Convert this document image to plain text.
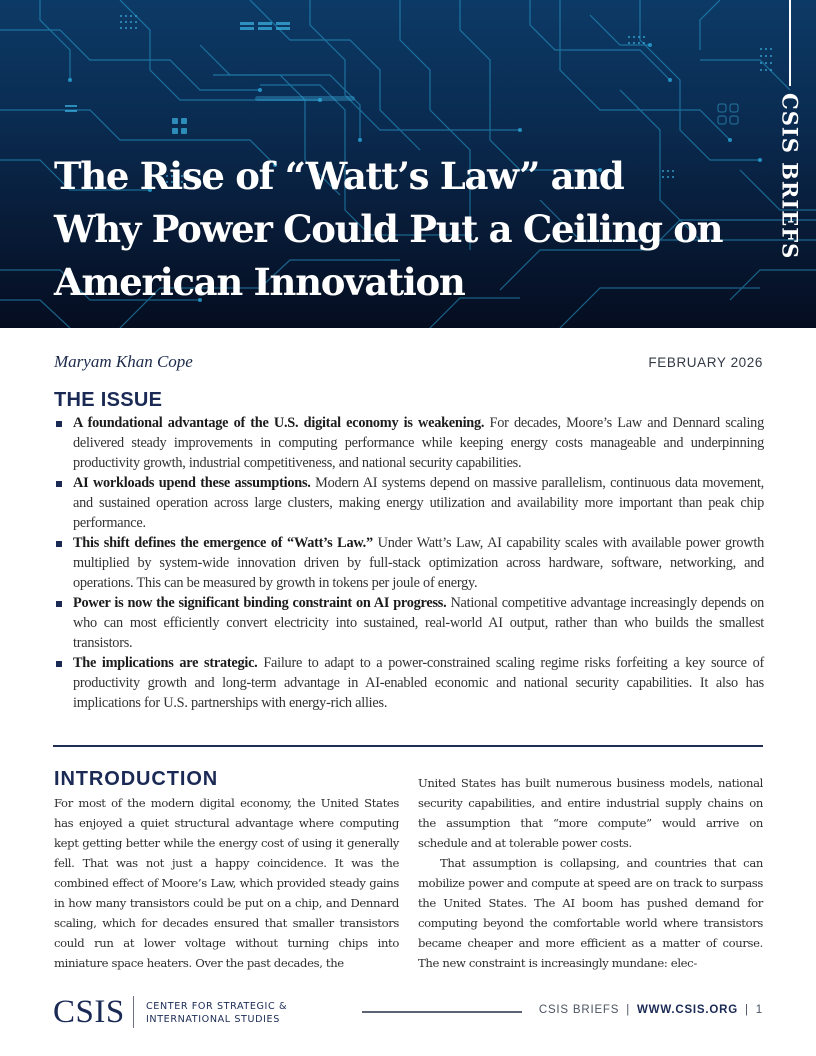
The Rise of “Watt’s Law” and
Why Power Could Put a Ceiling on
American Innovation
CSIS BRIEFS
Maryam Khan Cope	FEBRUARY 2026
THE ISSUE
A foundational advantage of the U.S. digital economy is weakening. For decades, Moore’s Law and Dennard scaling delivered steady improvements in computing performance while keeping energy costs manageable and underpinning productivity growth, industrial competitiveness, and national security capabilities.
AI workloads upend these assumptions. Modern AI systems depend on massive parallelism, continuous data movement, and sustained operation across large clusters, making energy utilization and availability more important than peak chip performance.
This shift defines the emergence of “Watt’s Law.” Under Watt’s Law, AI capability scales with available power growth multiplied by system-wide innovation driven by full-stack optimization across hardware, software, networking, and operations. This can be measured by growth in tokens per joule of energy.
Power is now the significant binding constraint on AI progress. National competitive advantage increasingly depends on who can most efficiently convert electricity into sustained, real-world AI output, rather than who builds the smallest transistors.
The implications are strategic. Failure to adapt to a power-constrained scaling regime risks forfeiting a key source of productivity growth and long-term advantage in AI-enabled economic and national security capabilities. It also has implications for U.S. partnerships with energy-rich allies.
INTRODUCTION

For most of the modern digital economy, the United States has enjoyed a quiet structural advantage where computing kept getting better while the energy cost of using it generally fell. That was not just a happy coincidence. It was the combined effect of Moore’s Law, which provided steady gains in how many transistors could be put on a chip, and Dennard scaling, which for decades ensured that smaller transistors could run at lower voltage without turning chips into miniature space heaters. Over the past decades, the

United States has built numerous business models, national security capabilities, and entire industrial supply chains on the assumption that “more compute” would arrive on schedule and at tolerable power costs.

That assumption is collapsing, and countries that can mobilize power and compute at speed are on track to surpass the United States. The AI boom has pushed demand for computing beyond the comfortable world where transistors became cheaper and more efficient as a matter of course. The new constraint is increasingly mundane: elec-

CSIS CENTER FOR STRATEGIC &
INTERNATIONAL STUDIES
CSIS BRIEFS | WWW.CSIS.ORG | 1
